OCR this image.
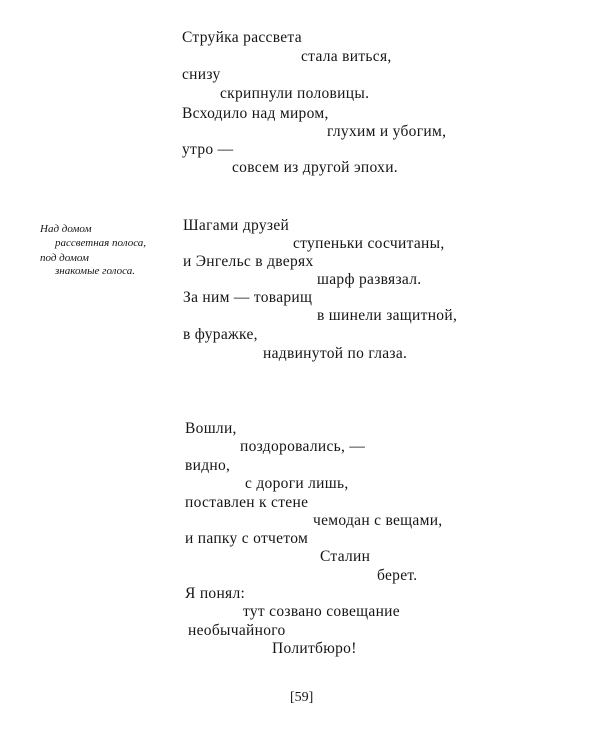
Струйка рассвета
стала виться,
снизу
скрипнули половицы.
Всходило над миром,
глухим и убогим,
утро —
совсем из другой эпохи.
Над домом
рассветная полоса,
под домом
знакомые голоса.
Шагами друзей
ступеньки сосчитаны,
и Энгельс в дверях
шарф развязал.
За ним — товарищ
в шинели защитной,
в фуражке,
надвинутой по глаза.
Вошли,
поздоровались, —
видно,
с дороги лишь,
поставлен к стене
чемодан с вещами,
и папку с отчетом
Сталин
берет.
Я понял:
тут созвано совещание
необычайного
Политбюро!
[59]
